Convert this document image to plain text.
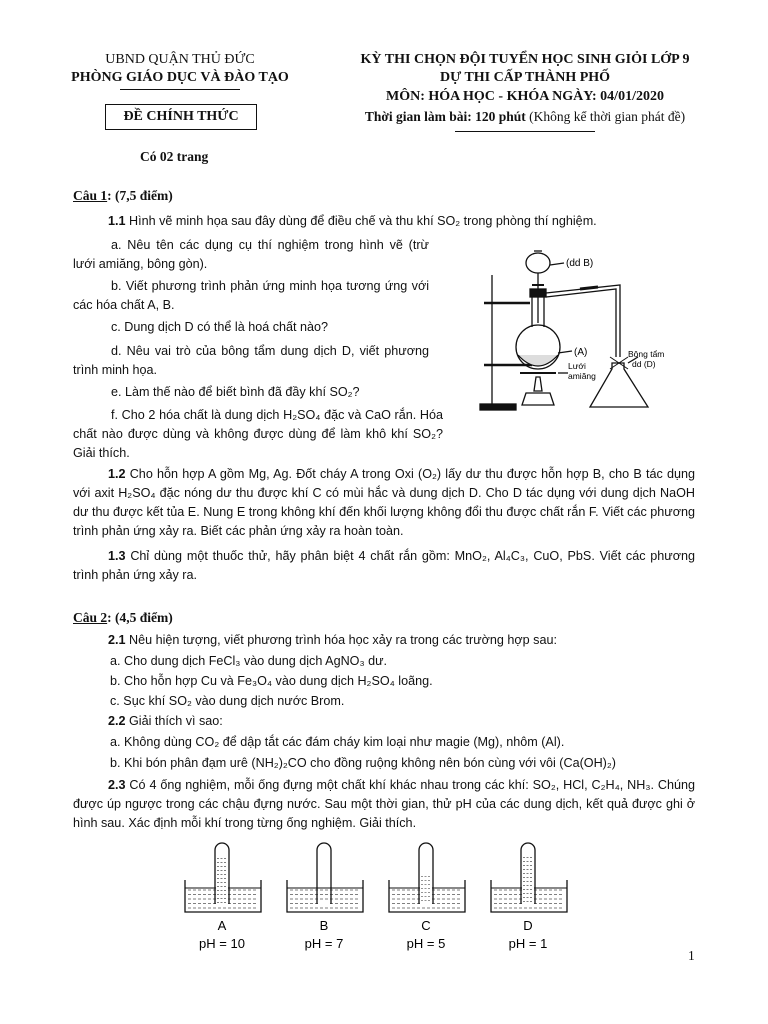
UBND QUẬN THỦ ĐỨC
PHÒNG GIÁO DỤC VÀ ĐÀO TẠO
ĐỀ CHÍNH THỨC
Có 02 trang
KỲ THI CHỌN ĐỘI TUYỂN HỌC SINH GIỎI LỚP 9
DỰ THI CẤP THÀNH PHỐ
MÔN: HÓA HỌC - KHÓA NGÀY: 04/01/2020
Thời gian làm bài: 120 phút (Không kể thời gian phát đề)
Câu 1: (7,5 điểm)
1.1 Hình vẽ minh họa sau đây dùng để điều chế và thu khí SO₂ trong phòng thí nghiệm.
a. Nêu tên các dụng cụ thí nghiệm trong hình vẽ (trừ lưới amiăng, bông gòn).
b. Viết phương trình phản ứng minh họa tương ứng với các hóa chất A, B.
c. Dung dịch D có thể là hoá chất nào?
d. Nêu vai trò của bông tẩm dung dịch D, viết phương trình minh họa.
e. Làm thế nào để biết bình đã đầy khí SO₂?
f. Cho 2 hóa chất là dung dịch H₂SO₄ đặc và CaO rắn. Hóa chất nào được dùng và không được dùng để làm khô khí SO₂? Giải thích.
(dd B)
(A)
Lưới
amiăng
Bông tẩm
dd (D)
1.2 Cho hỗn hợp A gồm Mg, Ag. Đốt cháy A trong Oxi (O₂) lấy dư thu được hỗn hợp B, cho B tác dụng với axit H₂SO₄ đặc nóng dư thu được khí C có mùi hắc và dung dịch D. Cho D tác dụng với dung dịch NaOH dư thu được kết tủa E. Nung E trong không khí đến khối lượng không đổi thu được chất rắn F. Viết các phương trình phản ứng xảy ra. Biết các phản ứng xảy ra hoàn toàn.
1.3 Chỉ dùng một thuốc thử, hãy phân biệt 4 chất rắn gồm: MnO₂, Al₄C₃, CuO, PbS. Viết các phương trình phản ứng xảy ra.
Câu 2: (4,5 điểm)
2.1 Nêu hiện tượng, viết phương trình hóa học xảy ra trong các trường hợp sau:
a. Cho dung dịch FeCl₃ vào dung dịch AgNO₃ dư.
b. Cho hỗn hợp Cu và Fe₃O₄ vào dung dịch H₂SO₄ loãng.
c. Sục khí SO₂ vào dung dịch nước Brom.
2.2 Giải thích vì sao:
a. Không dùng CO₂ để dập tắt các đám cháy kim loại như magie (Mg), nhôm (Al).
b. Khi bón phân đạm urê (NH₂)₂CO cho đồng ruộng không nên bón cùng với vôi (Ca(OH)₂)
2.3 Có 4 ống nghiệm, mỗi ống đựng một chất khí khác nhau trong các khí: SO₂, HCl, C₂H₄, NH₃. Chúng được úp ngược trong các chậu đựng nước. Sau một thời gian, thử pH của các dung dịch, kết quả được ghi ở hình sau. Xác định mỗi khí trong từng ống nghiệm. Giải thích.
A
pH = 10
B
pH = 7
C
pH = 5
D
pH = 1
1
